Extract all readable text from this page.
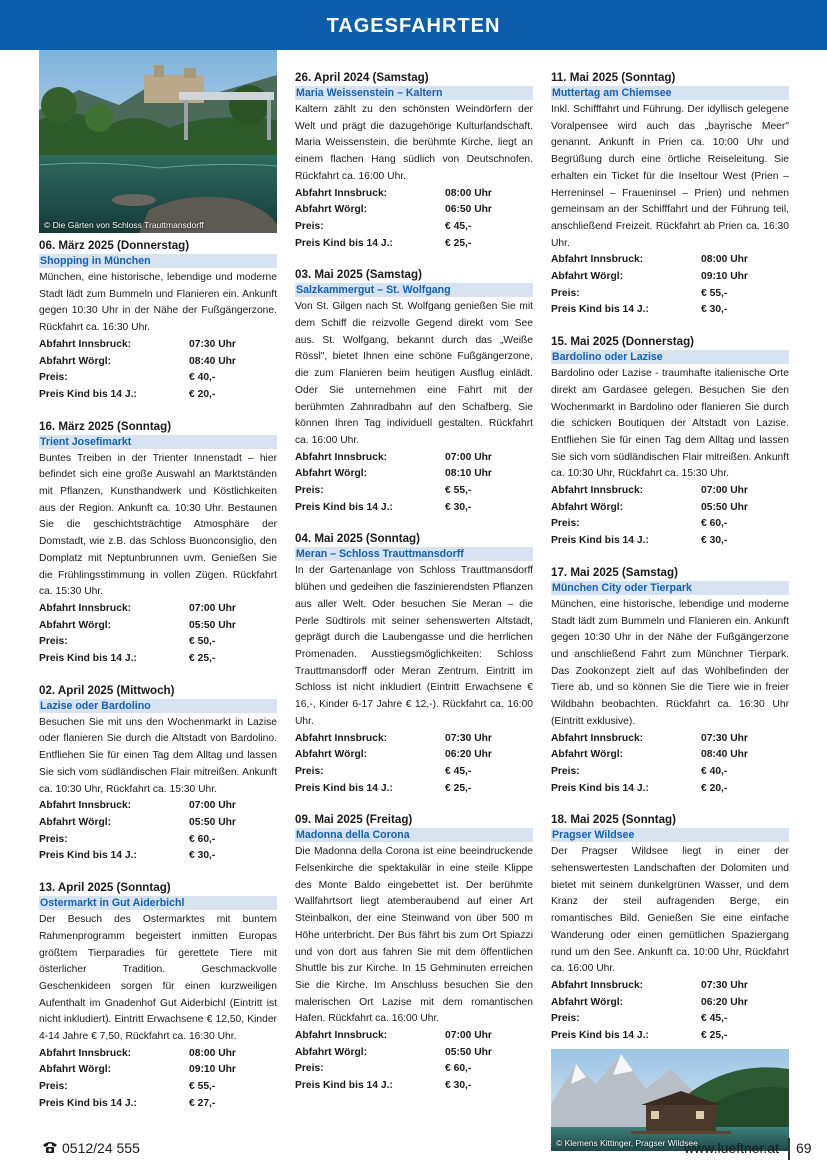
TAGESFAHRTEN
© Die Gärten von Schloss Trauttmansdorff
06. März 2025 (Donnerstag)
Shopping in München

München, eine historische, lebendige und moderne Stadt lädt zum Bummeln und Flanieren ein. Ankunft gegen 10:30 Uhr in der Nähe der Fußgängerzone. Rückfahrt ca. 16:30 Uhr.

Abfahrt Innsbruck:	07:30 Uhr
Abfahrt Wörgl:	08:40 Uhr
Preis:	€ 40,-
Preis Kind bis 14 J.:	€ 20,-
16. März 2025 (Sonntag)
Trient Josefimarkt

Buntes Treiben in der Trienter Innenstadt – hier befindet sich eine große Auswahl an Marktständen mit Pflanzen, Kunsthandwerk und Köstlichkeiten aus der Region. Ankunft ca. 10:30 Uhr. Bestaunen Sie die geschichtsträchtige Atmosphäre der Domstadt, wie z.B. das Schloss Buonconsiglio, den Domplatz mit Neptunbrunnen uvm. Genießen Sie die Frühlingsstimmung in vollen Zügen. Rückfahrt ca. 15:30 Uhr.

Abfahrt Innsbruck:	07:00 Uhr
Abfahrt Wörgl:	05:50 Uhr
Preis:	€ 50,-
Preis Kind bis 14 J.:	€ 25,-
02. April 2025 (Mittwoch)
Lazise oder Bardolino

Besuchen Sie mit uns den Wochenmarkt in Lazise oder flanieren Sie durch die Altstadt von Bardolino. Entfliehen Sie für einen Tag dem Alltag und lassen Sie sich vom südländischen Flair mitreißen. Ankunft ca. 10:30 Uhr, Rückfahrt ca. 15:30 Uhr.

Abfahrt Innsbruck:	07:00 Uhr
Abfahrt Wörgl:	05:50 Uhr
Preis:	€ 60,-
Preis Kind bis 14 J.:	€ 30,-
13. April 2025 (Sonntag)
Ostermarkt in Gut Aiderbichl

Der Besuch des Ostermarktes mit buntem Rahmenprogramm begeistert inmitten Europas größtem Tierparadies für gerettete Tiere mit österlicher Tradition. Geschmackvolle Geschenkideen sorgen für einen kurzweiligen Aufenthalt im Gnadenhof Gut Aiderbichl (Eintritt ist nicht inkludiert). Eintritt Erwachsene € 12,50, Kinder 4-14 Jahre € 7,50, Rückfahrt ca. 16:30 Uhr.

Abfahrt Innsbruck:	08:00 Uhr
Abfahrt Wörgl:	09:10 Uhr
Preis:	€ 55,-
Preis Kind bis 14 J.:	€ 27,-
26. April 2024 (Samstag)
Maria Weissenstein – Kaltern

Kaltern zählt zu den schönsten Weindörfern der Welt und prägt die dazugehörige Kulturlandschaft. Maria Weissenstein, die berühmte Kirche, liegt an einem flachen Hang südlich von Deutschnofen. Rückfahrt ca. 16:00 Uhr.

Abfahrt Innsbruck:	08:00 Uhr
Abfahrt Wörgl:	06:50 Uhr
Preis:	€ 45,-
Preis Kind bis 14 J.:	€ 25,-
03. Mai 2025 (Samstag)
Salzkammergut – St. Wolfgang

Von St. Gilgen nach St. Wolfgang genießen Sie mit dem Schiff die reizvolle Gegend direkt vom See aus. St. Wolfgang, bekannt durch das „Weiße Rössl", bietet Ihnen eine schöne Fußgängerzone, die zum Flanieren beim heutigen Ausflug einlädt. Oder Sie unternehmen eine Fahrt mit der berühmten Zahnradbahn auf den Schafberg. Sie können Ihren Tag individuell gestalten. Rückfahrt ca. 16:00 Uhr.

Abfahrt Innsbruck:	07:00 Uhr
Abfahrt Wörgl:	08:10 Uhr
Preis:	€ 55,-
Preis Kind bis 14 J.:	€ 30,-
04. Mai 2025 (Sonntag)
Meran – Schloss Trauttmansdorff

In der Gartenanlage von Schloss Trauttmansdorff blühen und gedeihen die faszinierendsten Pflanzen aus aller Welt. Oder besuchen Sie Meran – die Perle Südtirols mit seiner sehenswerten Altstadt, geprägt durch die Laubengasse und die herrlichen Promenaden. Ausstiegsmöglichkeiten: Schloss Trauttmansdorff oder Meran Zentrum. Eintritt im Schloss ist nicht inkludiert (Eintritt Erwachsene € 16,-, Kinder 6-17 Jahre € 12,-). Rückfahrt ca. 16:00 Uhr.

Abfahrt Innsbruck:	07:30 Uhr
Abfahrt Wörgl:	06:20 Uhr
Preis:	€ 45,-
Preis Kind bis 14 J.:	€ 25,-
09. Mai 2025 (Freitag)
Madonna della Corona

Die Madonna della Corona ist eine beeindruckende Felsenkirche die spektakulär in eine steile Klippe des Monte Baldo eingebettet ist. Der berühmte Wallfahrtsort liegt atemberaubend auf einer Art Steinbalkon, der eine Steinwand von über 500 m Höhe unterbricht. Der Bus fährt bis zum Ort Spiazzi und von dort aus fahren Sie mit dem öffentlichen Shuttle bis zur Kirche. In 15 Gehminuten erreichen Sie die Kirche. Im Anschluss besuchen Sie den malerischen Ort Lazise mit dem romantischen Hafen. Rückfahrt ca. 16:00 Uhr.

Abfahrt Innsbruck:	07:00 Uhr
Abfahrt Wörgl:	05:50 Uhr
Preis:	€ 60,-
Preis Kind bis 14 J.:	€ 30,-
11. Mai 2025 (Sonntag)
Muttertag am Chiemsee

Inkl. Schifffahrt und Führung. Der idyllisch gelegene Voralpensee wird auch das „bayrische Meer" genannt. Ankunft in Prien ca. 10:00 Uhr und Begrüßung durch eine örtliche Reiseleitung. Sie erhalten ein Ticket für die Inseltour West (Prien – Herreninsel – Fraueninsel – Prien) und nehmen gemeinsam an der Schifffahrt und der Führung teil, anschließend Freizeit. Rückfahrt ab Prien ca. 16:30 Uhr.

Abfahrt Innsbruck:	08:00 Uhr
Abfahrt Wörgl:	09:10 Uhr
Preis:	€ 55,-
Preis Kind bis 14 J.:	€ 30,-
15. Mai 2025 (Donnerstag)
Bardolino oder Lazise

Bardolino oder Lazise - traumhafte italienische Orte direkt am Gardasee gelegen. Besuchen Sie den Wochenmarkt in Bardolino oder flanieren Sie durch die schicken Boutiquen der Altstadt von Lazise. Entfliehen Sie für einen Tag dem Alltag und lassen Sie sich vom südländischen Flair mitreißen. Ankunft ca. 10:30 Uhr, Rückfahrt ca. 15:30 Uhr.

Abfahrt Innsbruck:	07:00 Uhr
Abfahrt Wörgl:	05:50 Uhr
Preis:	€ 60,-
Preis Kind bis 14 J.:	€ 30,-
17. Mai 2025 (Samstag)
München City oder Tierpark

München, eine historische, lebendige und moderne Stadt lädt zum Bummeln und Flanieren ein. Ankunft gegen 10:30 Uhr in der Nähe der Fußgängerzone und anschließend Fahrt zum Münchner Tierpark. Das Zookonzept zielt auf das Wohlbefinden der Tiere ab, und so können Sie die Tiere wie in freier Wildbahn beobachten. Rückfahrt ca. 16:30 Uhr (Eintritt exklusive).

Abfahrt Innsbruck:	07:30 Uhr
Abfahrt Wörgl:	08:40 Uhr
Preis:	€ 40,-
Preis Kind bis 14 J.:	€ 20,-
18. Mai 2025 (Sonntag)
Pragser Wildsee

Der Pragser Wildsee liegt in einer der sehenswertesten Landschaften der Dolomiten und bietet mit seinem dunkelgrünen Wasser, und dem Kranz der steil aufragenden Berge, ein romantisches Bild. Genießen Sie eine einfache Wanderung oder einen gemütlichen Spaziergang rund um den See. Ankunft ca. 10:00 Uhr, Rückfahrt ca. 16:00 Uhr.

Abfahrt Innsbruck:	07:30 Uhr
Abfahrt Wörgl:	06:20 Uhr
Preis:	€ 45,-
Preis Kind bis 14 J.:	€ 25,-
© Klemens Kittinger, Pragser Wildsee
0512/24 555	www.lueftner.at 69
